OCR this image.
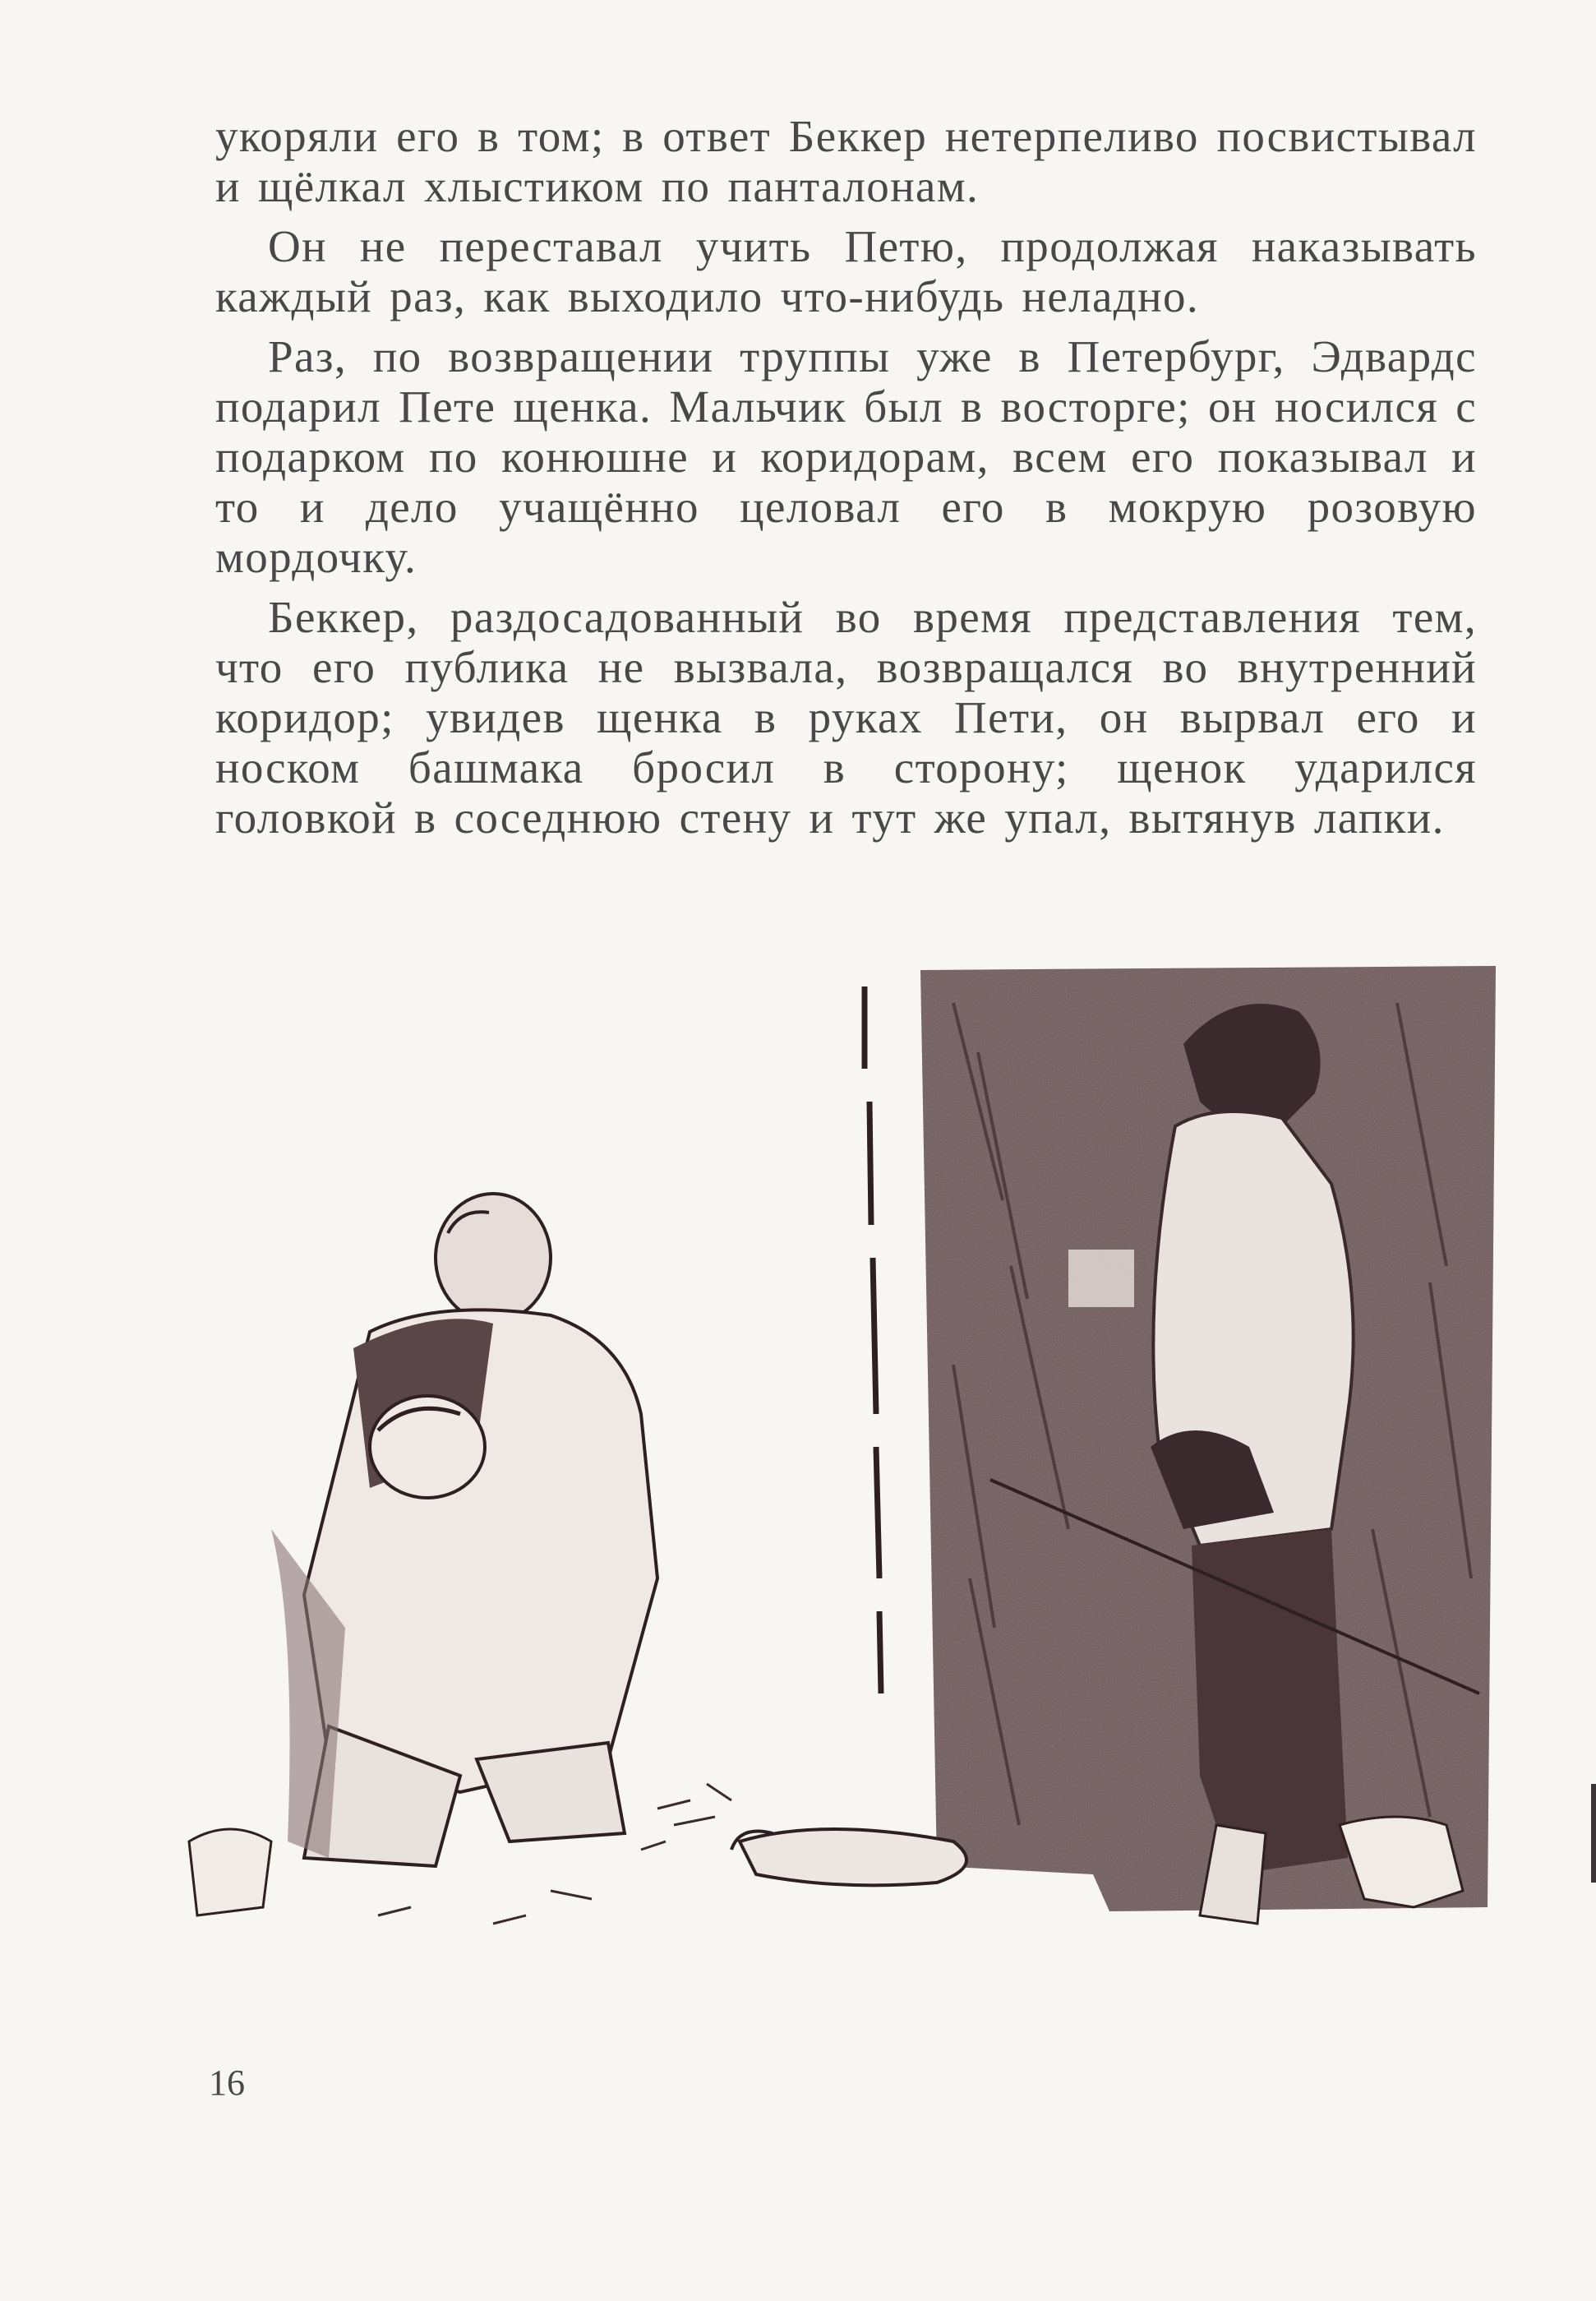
укоряли его в том; в ответ Беккер нетерпеливо посвистывал и щёлкал хлыстиком по панталонам.

Он не переставал учить Петю, продолжая наказывать каждый раз, как выходило что-нибудь неладно.

Раз, по возвращении труппы уже в Петербург, Эдвардс подарил Пете щенка. Мальчик был в восторге; он носился с подарком по конюшне и коридорам, всем его показывал и то и дело учащённо целовал его в мокрую розовую мордочку.

Беккер, раздосадованный во время представления тем, что его публика не вызвала, возвращался во внутренний коридор; увидев щенка в руках Пети, он вырвал его и носком башмака бросил в сторону; щенок ударился головкой в соседнюю стену и тут же упал, вытянув лапки.

16
